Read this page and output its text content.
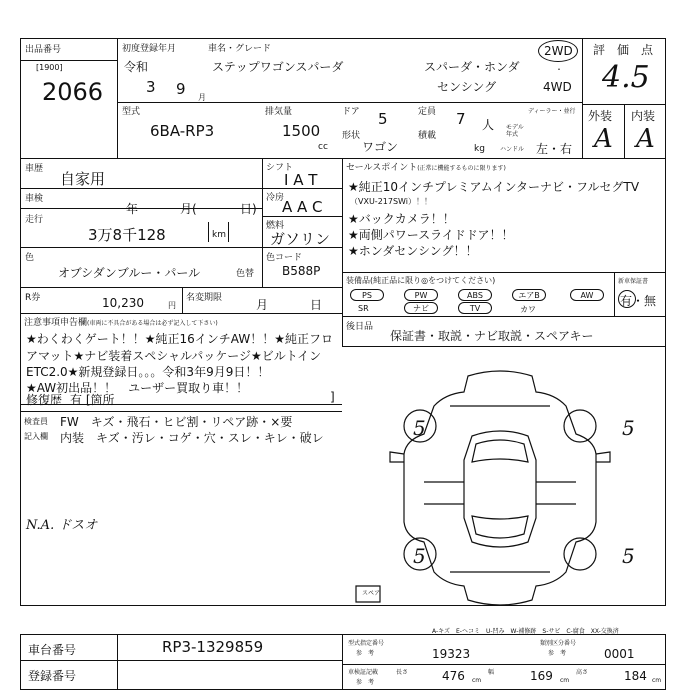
出品番号
[1900]
2066
初度登録年月
令和
3 9 月
車名・グレード
ステップワゴンスパーダ	スパーダ・ホンダ
センシング
2WD
・
4WD
評　価　点
4.5
外装 内装
A A
型式
6BA-RP3
排気量
1500
cc
ドア 5
形状
ワゴン
定員 7 人
積載
kg
ディーラー・並行
モデル年式
ハンドル 左・右
車歴
自家用
車検
年	月(	日)
走行
3万8千128	km
シフト
I A T
冷房
A A C
燃料
ガソリン
セールスポイント(正常に機能するものに限ります)
★純正10インチプレミアムインターナビ・フルセグTV
（VXU-217SWi）！！
★バックカメラ！！
★両側パワースライドドア！！
★ホンダセンシング！！
色
オブシダンブルー・パール	色替
色コード
B588P
R券	10,230	円
名変期限	月	日
装備品(純正品に限り◎をつけてください)
PS	PW	ABS	エアB	AW
SR	ナビ	TV	カワ
新車保証書
有・無
注意事項申告欄(車両に不具合がある場合は必ず記入して下さい)
★わくわくゲート！！★純正16インチAW！！★純正フロ
アマット★ナビ装着スペシャルパッケージ★ビルトイン
ETC2.0★新規登録日。。。令和3年9月9日！！
★AW初出品！！　ユーザー買取り車！！
修復歴 有 [箇所	]
後日品
保証書・取説・ナビ取説・スペアキー
検査員
記入欄
FW　キズ・飛石・ヒビ割・リペア跡・×要
内装　キズ・汚レ・コゲ・穴・スレ・キレ・破レ
N.A. ドスオ
5	5
5	5
スペア
車台番号	RP3-1329859
登録番号
A-キズ　E-ヘコミ　U-凹み　W-補修跡　S-サビ　C-腐食　XX-交換済
型式指定番号
参　考	19323
類別区分番号
参　考	0001
車検証記載
参　考
長さ	476 cm
幅	169 cm
高さ	184 cm
